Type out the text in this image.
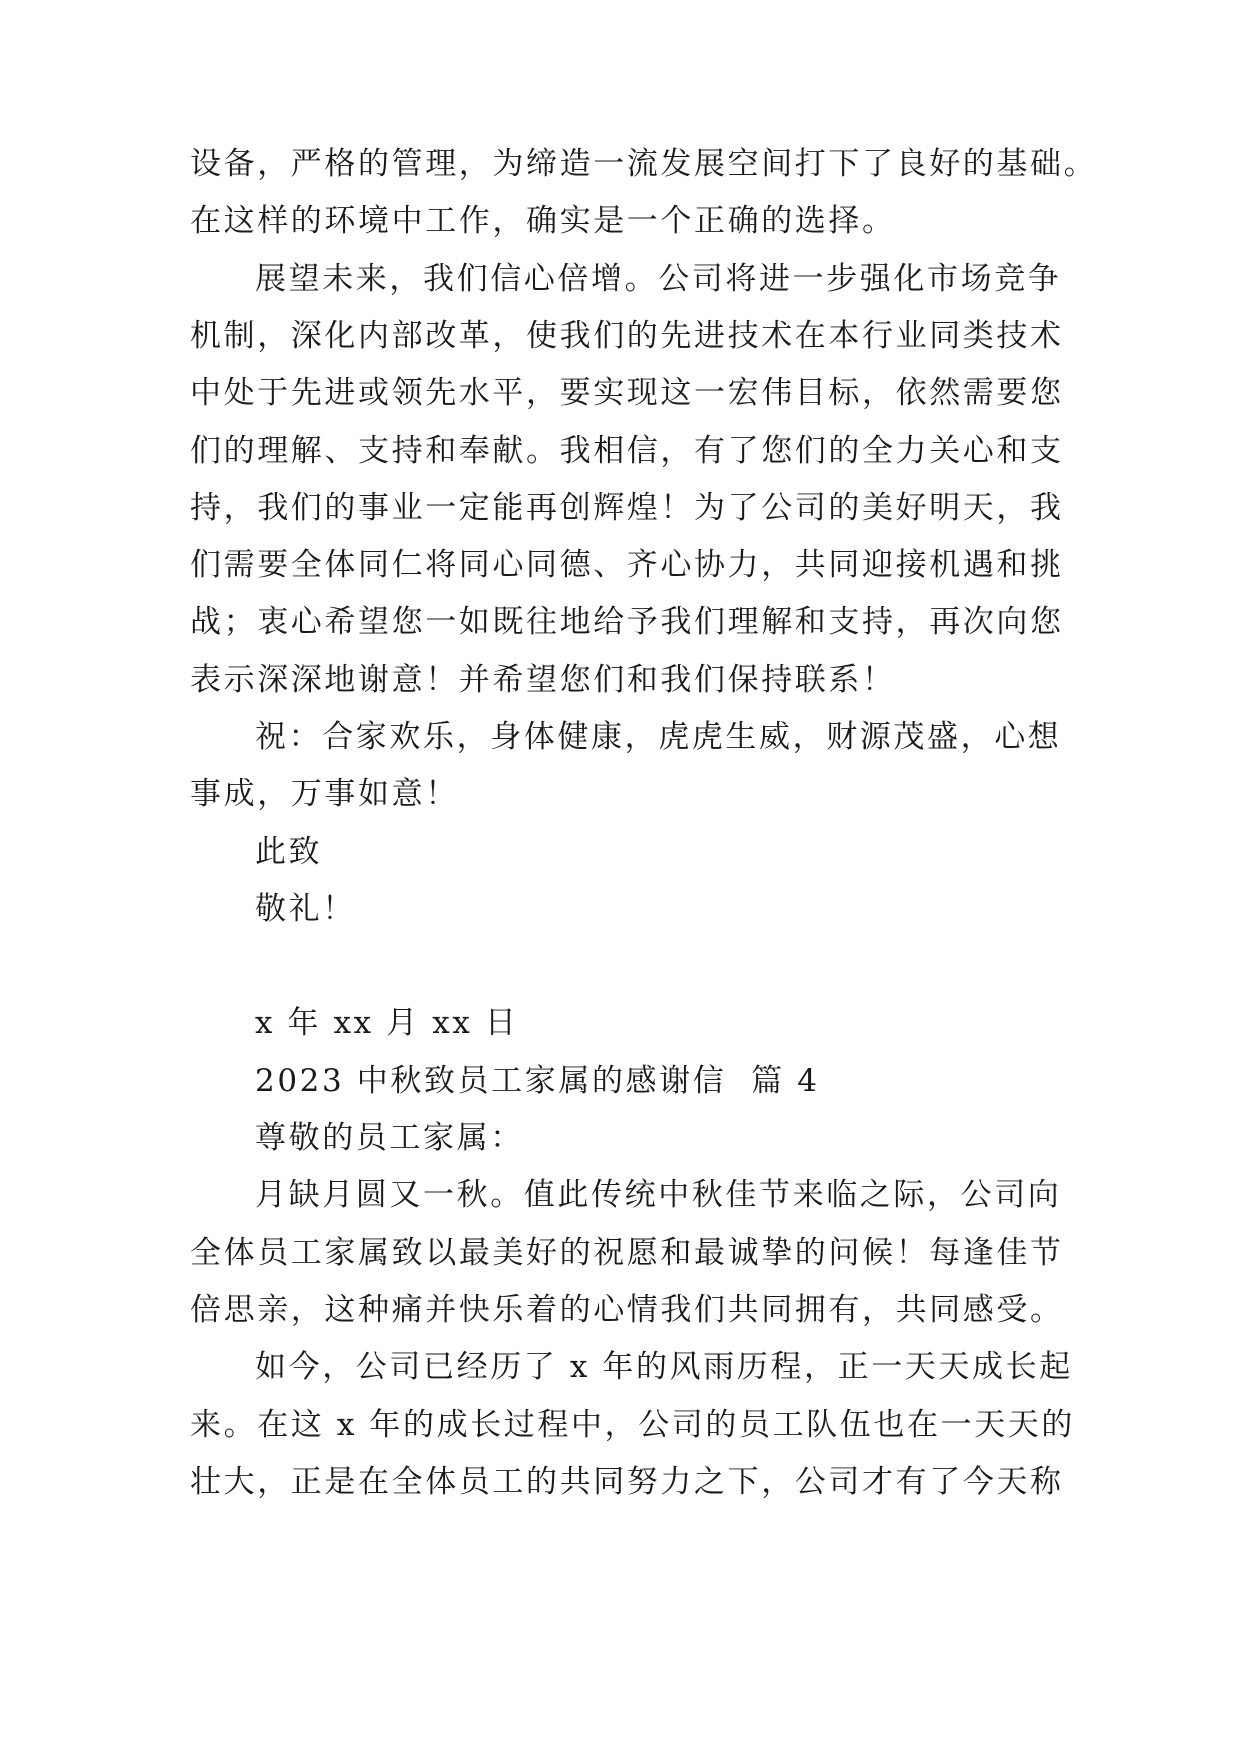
设备，严格的管理，为缔造一流发展空间打下了良好的基础。
在这样的环境中工作，确实是一个正确的选择。
展望未来，我们信心倍增。公司将进一步强化市场竞争
机制，深化内部改革，使我们的先进技术在本行业同类技术
中处于先进或领先水平，要实现这一宏伟目标，依然需要您
们的理解、支持和奉献。我相信，有了您们的全力关心和支
持，我们的事业一定能再创辉煌！为了公司的美好明天，我
们需要全体同仁将同心同德、齐心协力，共同迎接机遇和挑
战；衷心希望您一如既往地给予我们理解和支持，再次向您
表示深深地谢意！并希望您们和我们保持联系！
祝：合家欢乐，身体健康，虎虎生威，财源茂盛，心想
事成，万事如意！
此致
敬礼！
x 年 xx 月 xx 日
2023 中秋致员工家属的感谢信  篇 4
尊敬的员工家属：
月缺月圆又一秋。值此传统中秋佳节来临之际，公司向
全体员工家属致以最美好的祝愿和最诚挚的问候！每逢佳节
倍思亲，这种痛并快乐着的心情我们共同拥有，共同感受。
如今，公司已经历了 x 年的风雨历程，正一天天成长起
来。在这 x 年的成长过程中，公司的员工队伍也在一天天的
壮大，正是在全体员工的共同努力之下，公司才有了今天称
